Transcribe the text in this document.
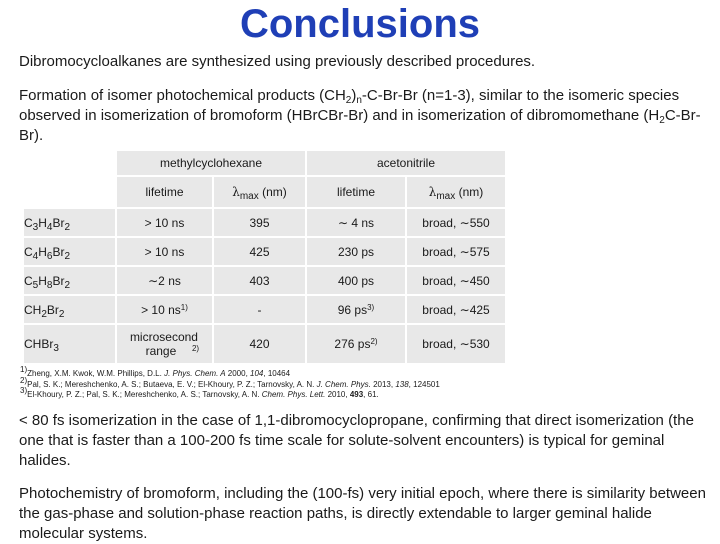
Conclusions
Dibromocycloalkanes are synthesized using previously described procedures.
Formation of isomer photochemical products $(CH_2)_n-C-Br-Br$ (n=1-3), similar to the isomeric species observed in isomerization of bromoform (HBrCBr-Br) and in isomerization of dibromomethane $(H_2C-Br-Br)$.
	methylcyclohexane		acetonitrile	
	lifetime	$\lambda_{max}$ (nm)	lifetime	$\lambda_{max}$ (nm)
$C_3H_4Br_2$	> 10 ns	395	∼ 4 ns	broad, ∼550
$C_4H_6Br_2$	> 10 ns	425	230 ps	broad, ∼575
$C_5H_8Br_2$	∼2 ns	403	400 ps	broad, ∼450
$CH_2Br_2$	> 10 $ns^{1)}$	-	96 $ps^{3)}$	broad, ∼425
CHBr$_3$	microsecond range $^{2)}$	420	276 $ps^{2)}$	broad, ∼530
$^{1)}$Zheng, X.M. Kwok, W.M. Phillips, D.L. J. Phys. Chem. A 2000, 104, 10464
$^{2)}$Pal, S. K.; Mereshchenko, A. S.; Butaeva, E. V.; El-Khoury, P. Z.; Tarnovsky, A. N. J. Chem. Phys. 2013, 138, 124501
$^{3)}$El-Khoury, P. Z.; Pal, S. K.; Mereshchenko, A. S.; Tarnovsky, A. N. Chem. Phys. Lett. 2010, 493, 61.
< 80 fs isomerization in the case of 1,1-dibromocyclopropane, confirming that direct isomerization (the one that is faster than a 100-200 fs time scale for solute-solvent encounters) is typical for geminal halides.
Photochemistry of bromoform, including the (100-fs) very initial epoch, where there is similarity between the gas-phase and solution-phase reaction paths, is directly extendable to larger geminal halide molecular systems.
